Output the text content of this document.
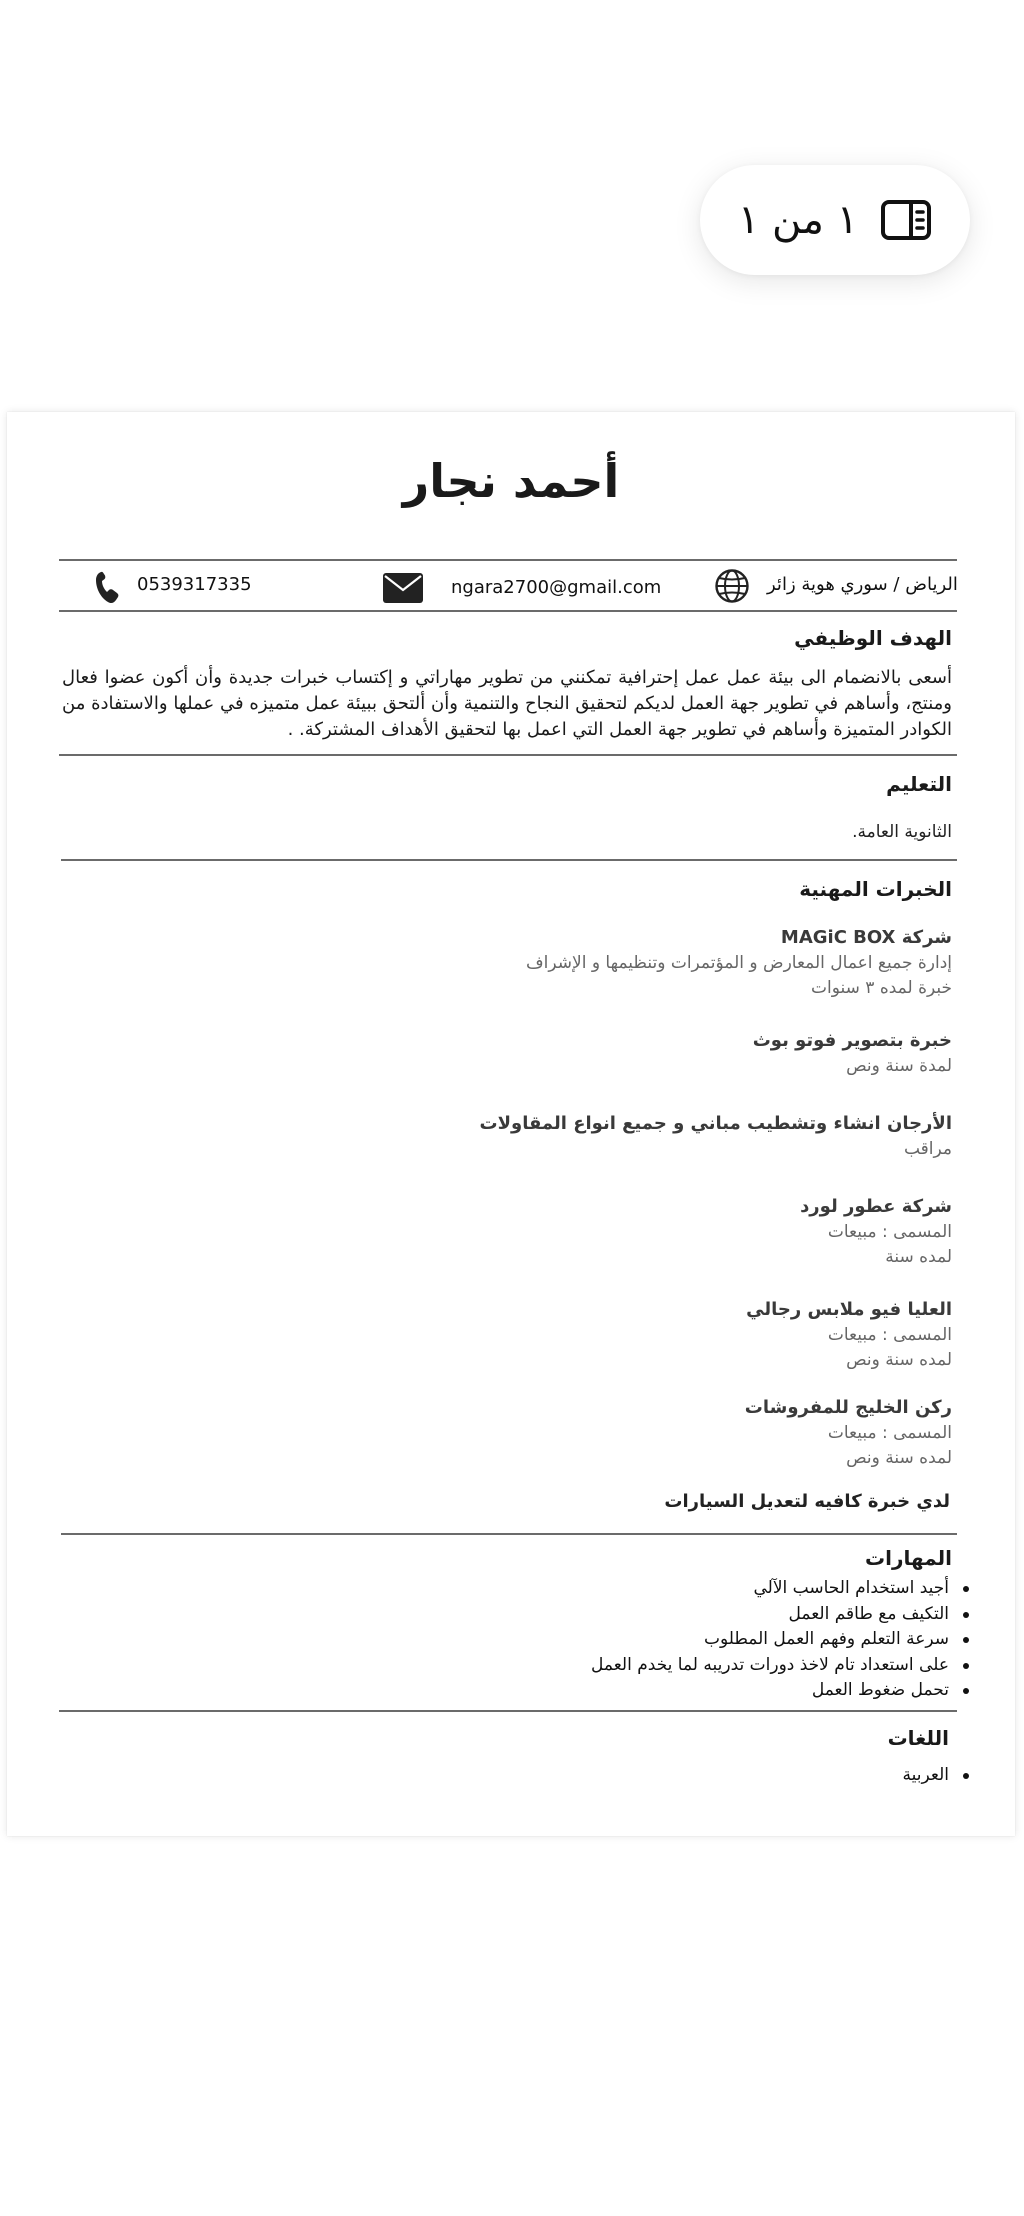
١ من ١
أحمد نجار
0539317335	ngara2700@gmail.com	الرياض / سوري هوية زائر
الهدف الوظيفي
أسعى بالانضمام الى بيئة عمل عمل إحترافية تمكنني من تطوير مهاراتي و إكتساب خبرات جديدة وأن أكون عضوا فعال ومنتج، وأساهم في تطوير جهة العمل لديكم لتحقيق النجاح والتنمية وأن ألتحق ببيئة عمل متميزه في عملها والاستفادة من الكوادر المتميزة وأساهم في تطوير جهة العمل التي اعمل بها لتحقيق الأهداف المشتركة. .
التعليم
الثانوية العامة.
الخبرات المهنية
شركة MAGiC BOX
إدارة جميع اعمال المعارض و المؤتمرات وتنظيمها و الإشراف
خبرة لمده ٣ سنوات
خبرة بتصوير فوتو بوث
لمدة سنة ونص
الأرجان انشاء وتشطيب مباني و جميع انواع المقاولات
مراقب
شركة عطور لورد
المسمى : مبيعات
لمده سنة
العليا فيو ملابس رجالي
المسمى : مبيعات
لمده سنة ونص
ركن الخليج للمفروشات
المسمى : مبيعات
لمده سنة ونص
لدي خبرة كافيه لتعديل السيارات
المهارات
أجيد استخدام الحاسب الآلي
التكيف مع طاقم العمل
سرعة التعلم وفهم العمل المطلوب
على استعداد تام لاخذ دورات تدريبه لما يخدم العمل
تحمل ضغوط العمل
اللغات
العربية
